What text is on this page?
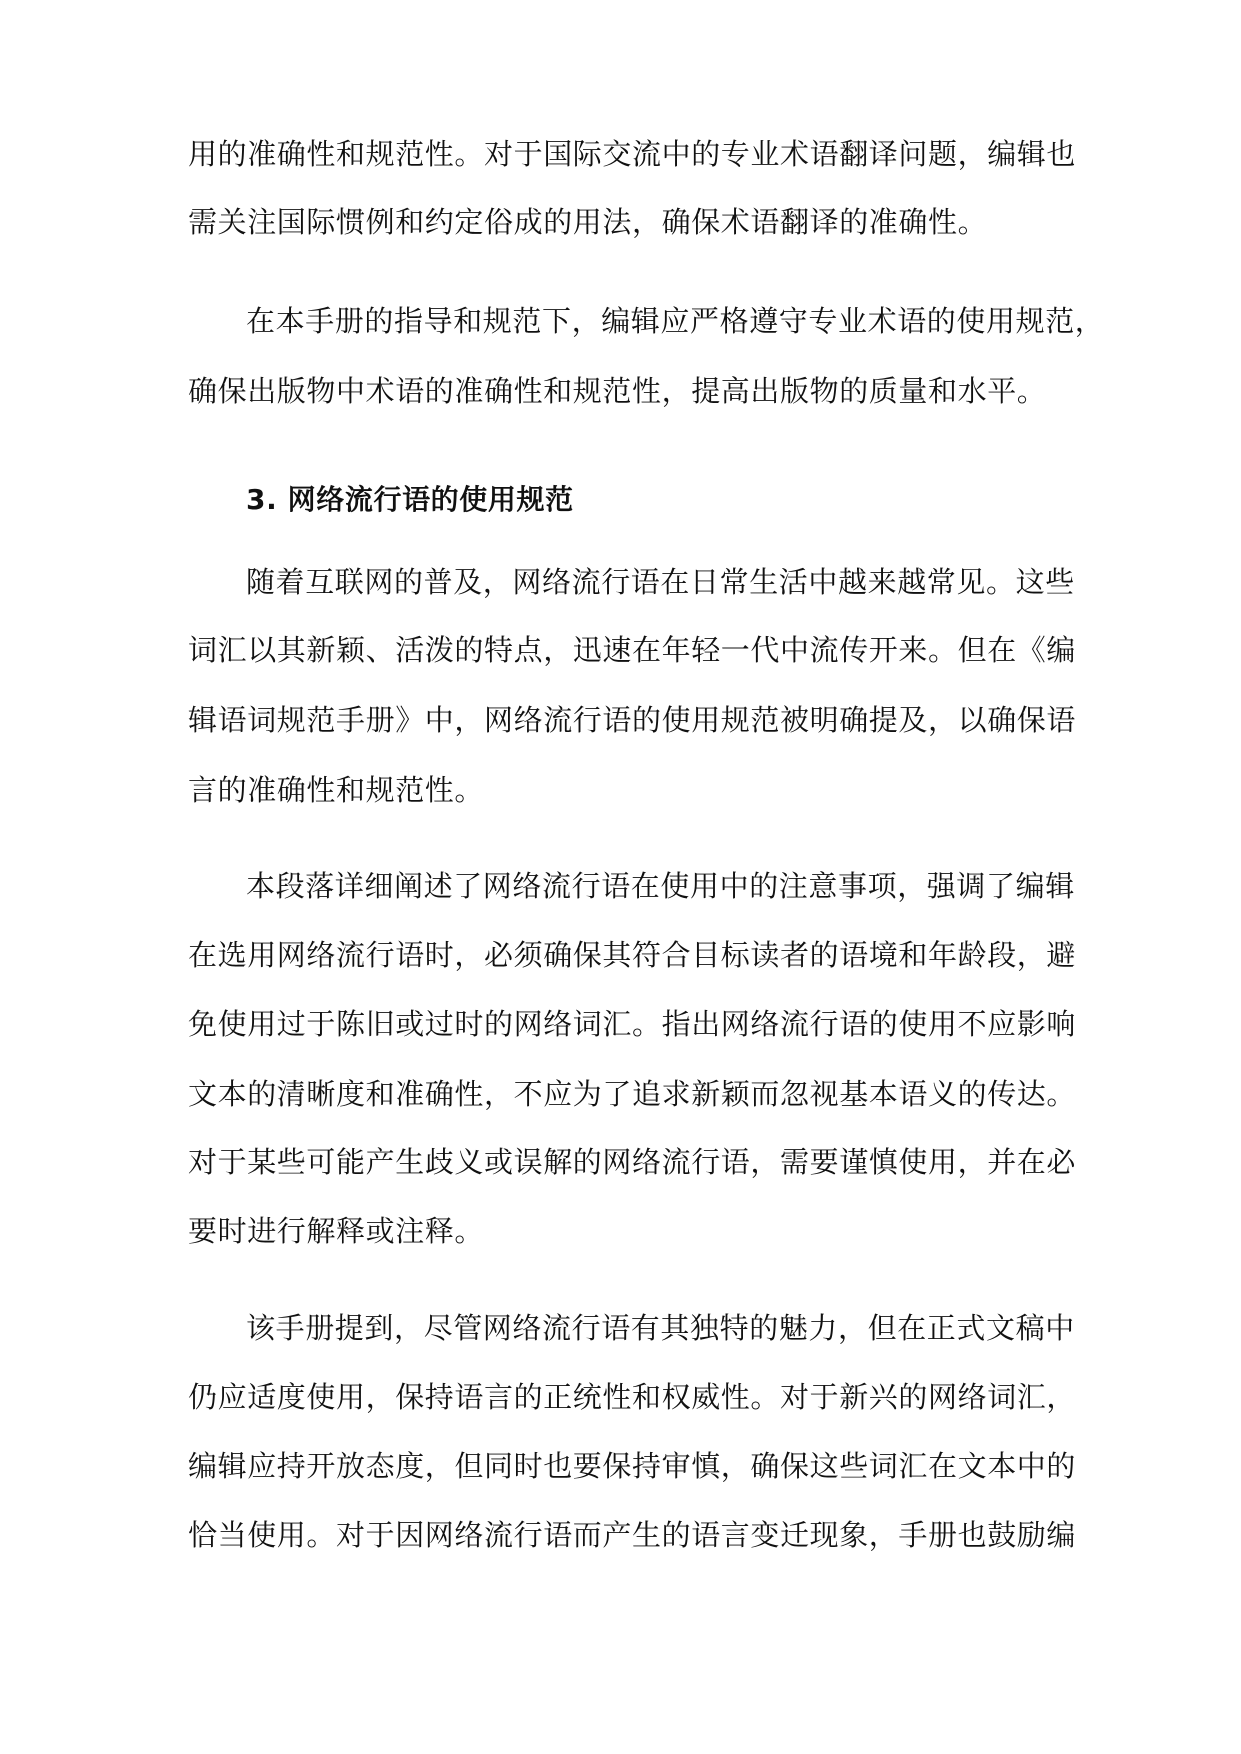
用的准确性和规范性。对于国际交流中的专业术语翻译问题，编辑也
需关注国际惯例和约定俗成的用法，确保术语翻译的准确性。
在本手册的指导和规范下，编辑应严格遵守专业术语的使用规范，
确保出版物中术语的准确性和规范性，提高出版物的质量和水平。
3. 网络流行语的使用规范
随着互联网的普及，网络流行语在日常生活中越来越常见。这些
词汇以其新颖、活泼的特点，迅速在年轻一代中流传开来。但在《编
辑语词规范手册》中，网络流行语的使用规范被明确提及，以确保语
言的准确性和规范性。
本段落详细阐述了网络流行语在使用中的注意事项，强调了编辑
在选用网络流行语时，必须确保其符合目标读者的语境和年龄段，避
免使用过于陈旧或过时的网络词汇。指出网络流行语的使用不应影响
文本的清晰度和准确性，不应为了追求新颖而忽视基本语义的传达。
对于某些可能产生歧义或误解的网络流行语，需要谨慎使用，并在必
要时进行解释或注释。
该手册提到，尽管网络流行语有其独特的魅力，但在正式文稿中
仍应适度使用，保持语言的正统性和权威性。对于新兴的网络词汇，
编辑应持开放态度，但同时也要保持审慎，确保这些词汇在文本中的
恰当使用。对于因网络流行语而产生的语言变迁现象，手册也鼓励编
